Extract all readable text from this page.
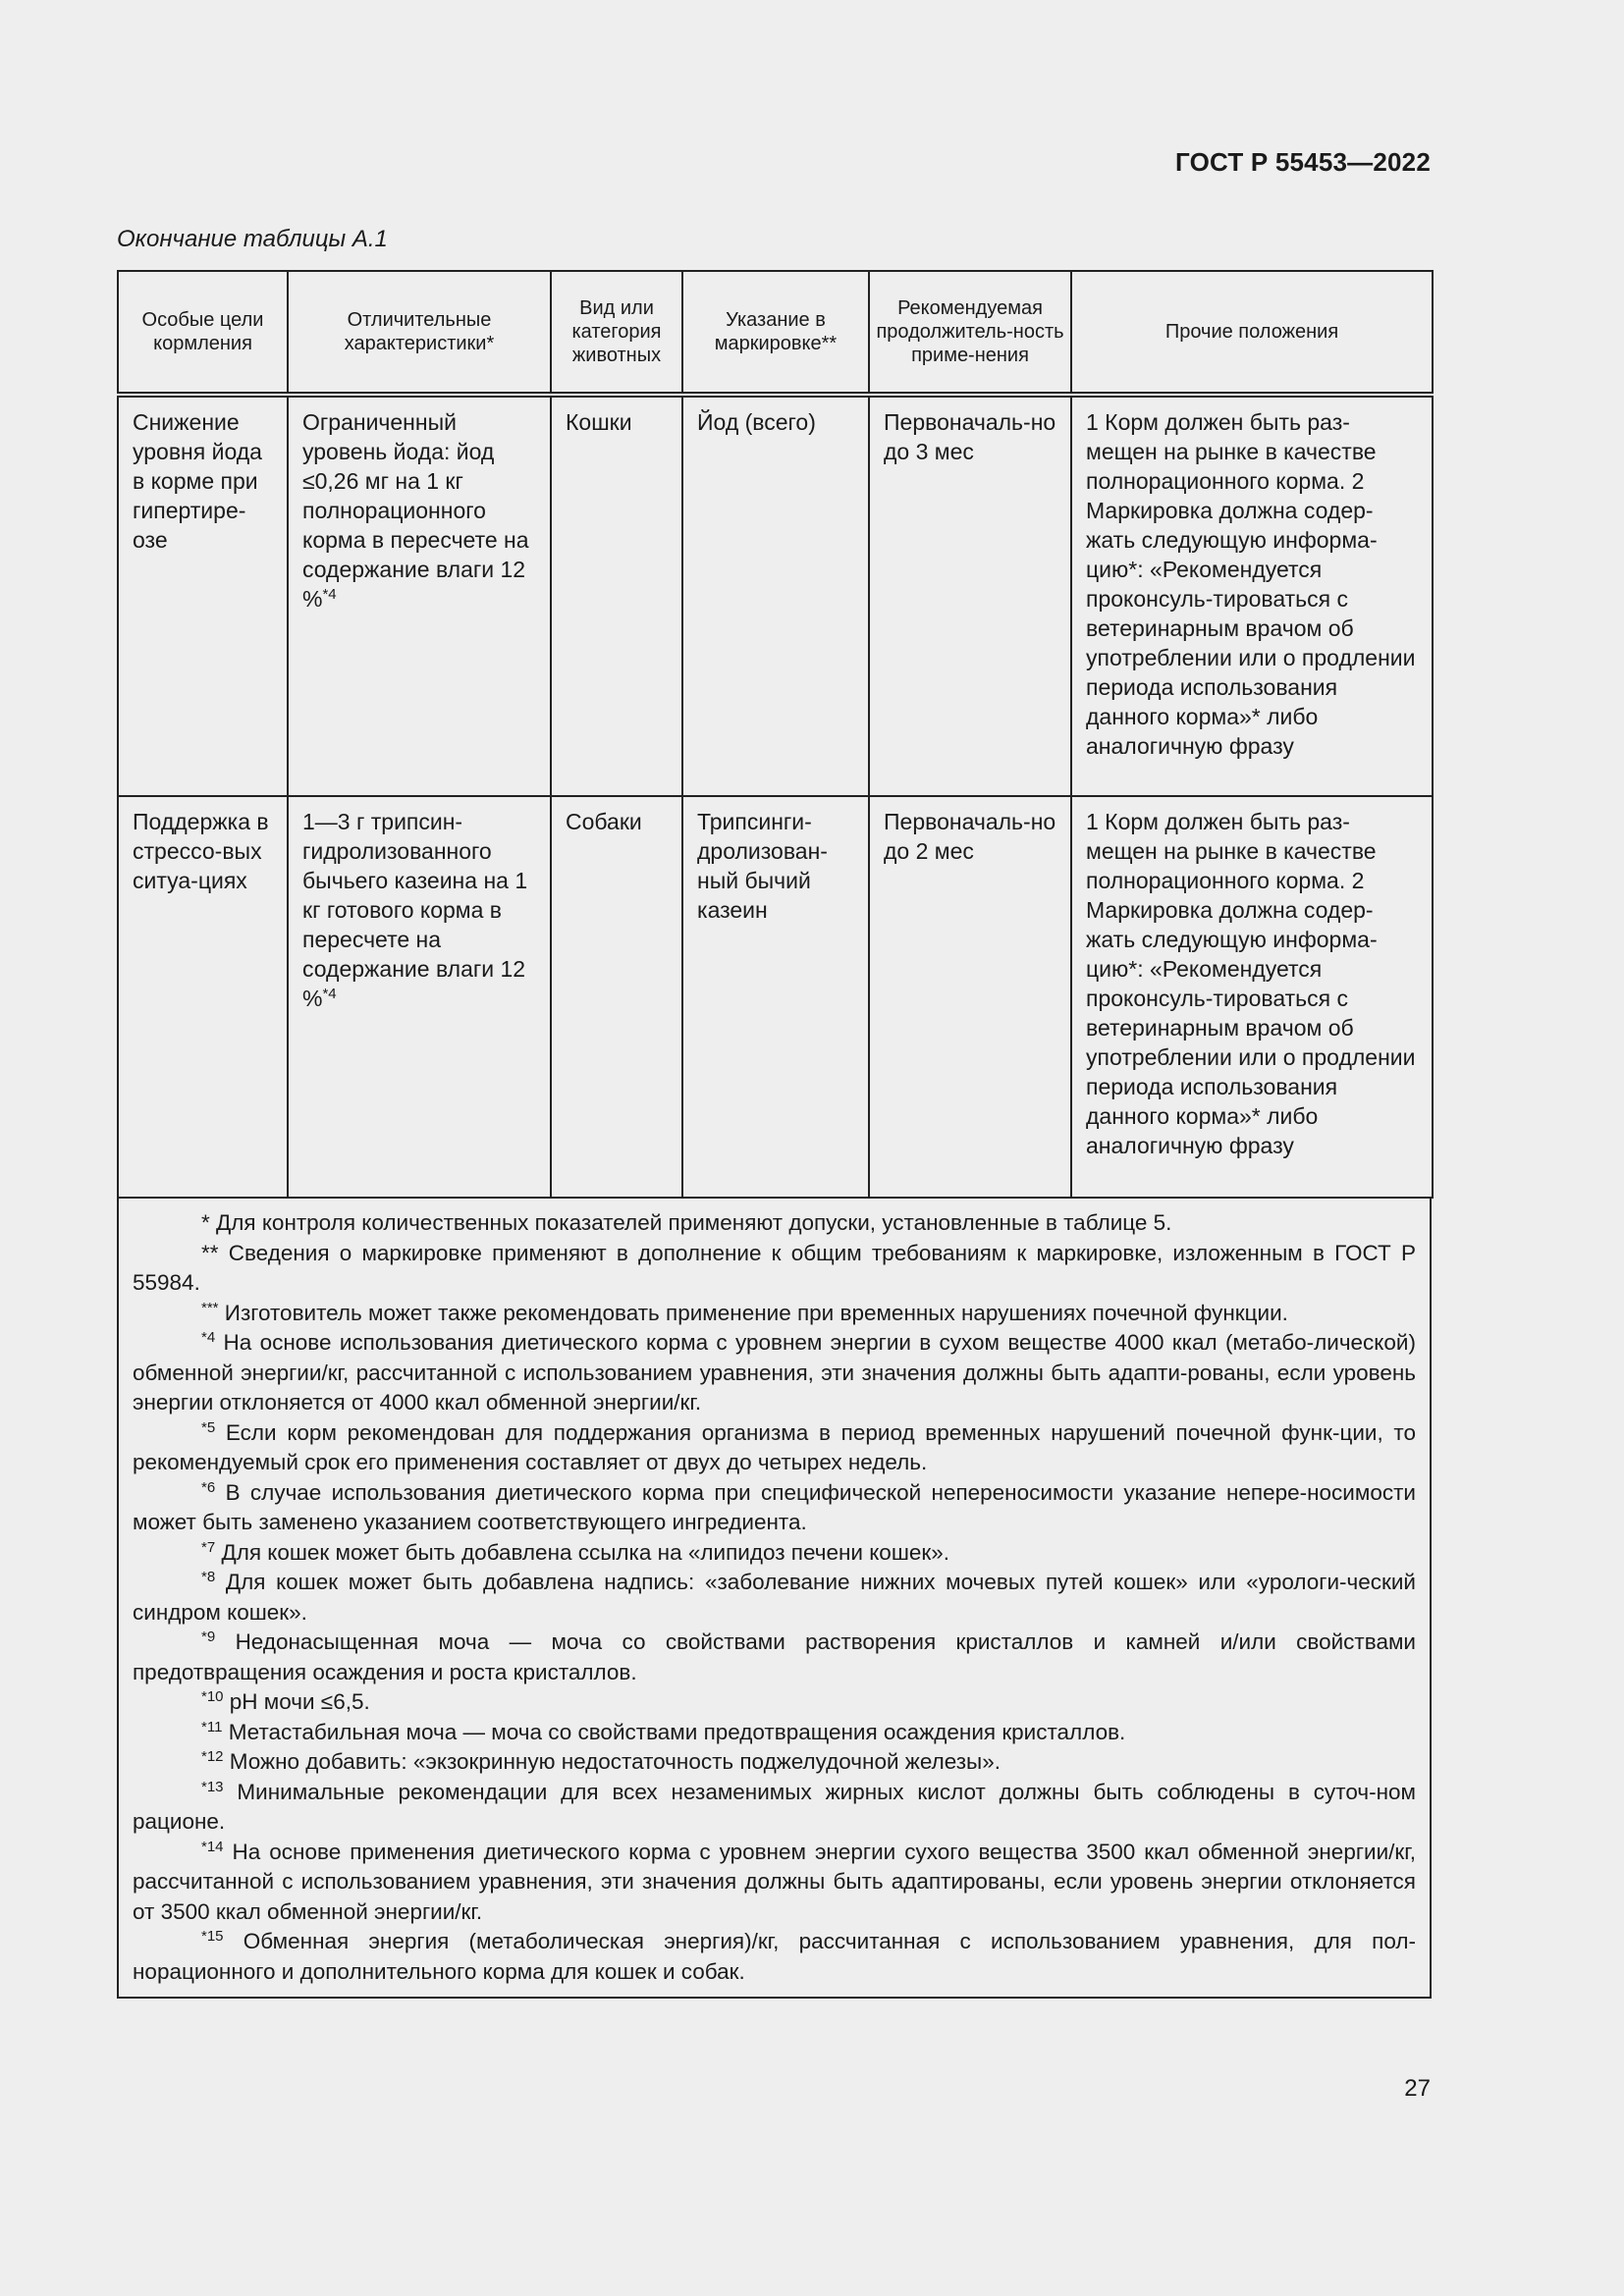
ГОСТ Р 55453—2022
Окончание таблицы А.1
Особые цели кормления	Отличительные характеристики*	Вид или категория животных	Указание в маркировке**	Рекомендуемая продолжитель-ность приме-нения	Прочие положения
Снижение уровня йода в корме при гипертире-озе	Ограниченный уровень йода: йод ≤0,26 мг на 1 кг полнорационного корма в пересчете на содержание влаги 12 %$^{*4}$	Кошки	Йод (всего)	Первоначаль-но до 3 мес	1 Корм должен быть раз-мещен на рынке в качестве полнорационного корма. 2 Маркировка должна содер-жать следующую информа-цию*: «Рекомендуется проконсуль-тироваться с ветеринарным врачом об употреблении или о продлении периода использования данного корма»* либо аналогичную фразу
Поддержка в стрессо-вых ситуа-циях	1—3 г трипсин-гидролизованного бычьего казеина на 1 кг готового корма в пересчете на содержание влаги 12 %$^{*4}$	Собаки	Трипсинги-дролизован-ный бычий казеин	Первоначаль-но до 2 мес	1 Корм должен быть раз-мещен на рынке в качестве полнорационного корма. 2 Маркировка должна содер-жать следующую информа-цию*: «Рекомендуется проконсуль-тироваться с ветеринарным врачом об употреблении или о продлении периода использования данного корма»* либо аналогичную фразу

* Для контроля количественных показателей применяют допуски, установленные в таблице 5.

** Сведения о маркировке применяют в дополнение к общим требованиям к маркировке, изложенным в ГОСТ Р 55984.

*** Изготовитель может также рекомендовать применение при временных нарушениях почечной функции.

$^{*4}$ На основе использования диетического корма с уровнем энергии в сухом веществе 4000 ккал (метабо-лической) обменной энергии/кг, рассчитанной с использованием уравнения, эти значения должны быть адапти-рованы, если уровень энергии отклоняется от 4000 ккал обменной энергии/кг.

$^{*5}$ Если корм рекомендован для поддержания организма в период временных нарушений почечной функ-ции, то рекомендуемый срок его применения составляет от двух до четырех недель.

$^{*6}$ В случае использования диетического корма при специфической непереносимости указание непере-носимости может быть заменено указанием соответствующего ингредиента.

$^{*7}$ Для кошек может быть добавлена ссылка на «липидоз печени кошек».

$^{*8}$ Для кошек может быть добавлена надпись: «заболевание нижних мочевых путей кошек» или «урологи-ческий синдром кошек».

$^{*9}$ Недонасыщенная моча — моча со свойствами растворения кристаллов и камней и/или свойствами предотвращения осаждения и роста кристаллов.

$^{*10}$ pH мочи ≤6,5.

$^{*11}$ Метастабильная моча — моча со свойствами предотвращения осаждения кристаллов.

$^{*12}$ Можно добавить: «экзокринную недостаточность поджелудочной железы».

$^{*13}$ Минимальные рекомендации для всех незаменимых жирных кислот должны быть соблюдены в суточ-ном рационе.

$^{*14}$ На основе применения диетического корма с уровнем энергии сухого вещества 3500 ккал обменной энергии/кг, рассчитанной с использованием уравнения, эти значения должны быть адаптированы, если уровень энергии отклоняется от 3500 ккал обменной энергии/кг.

$^{*15}$ Обменная энергия (метаболическая энергия)/кг, рассчитанная с использованием уравнения, для пол-норационного и дополнительного корма для кошек и собак.

27
